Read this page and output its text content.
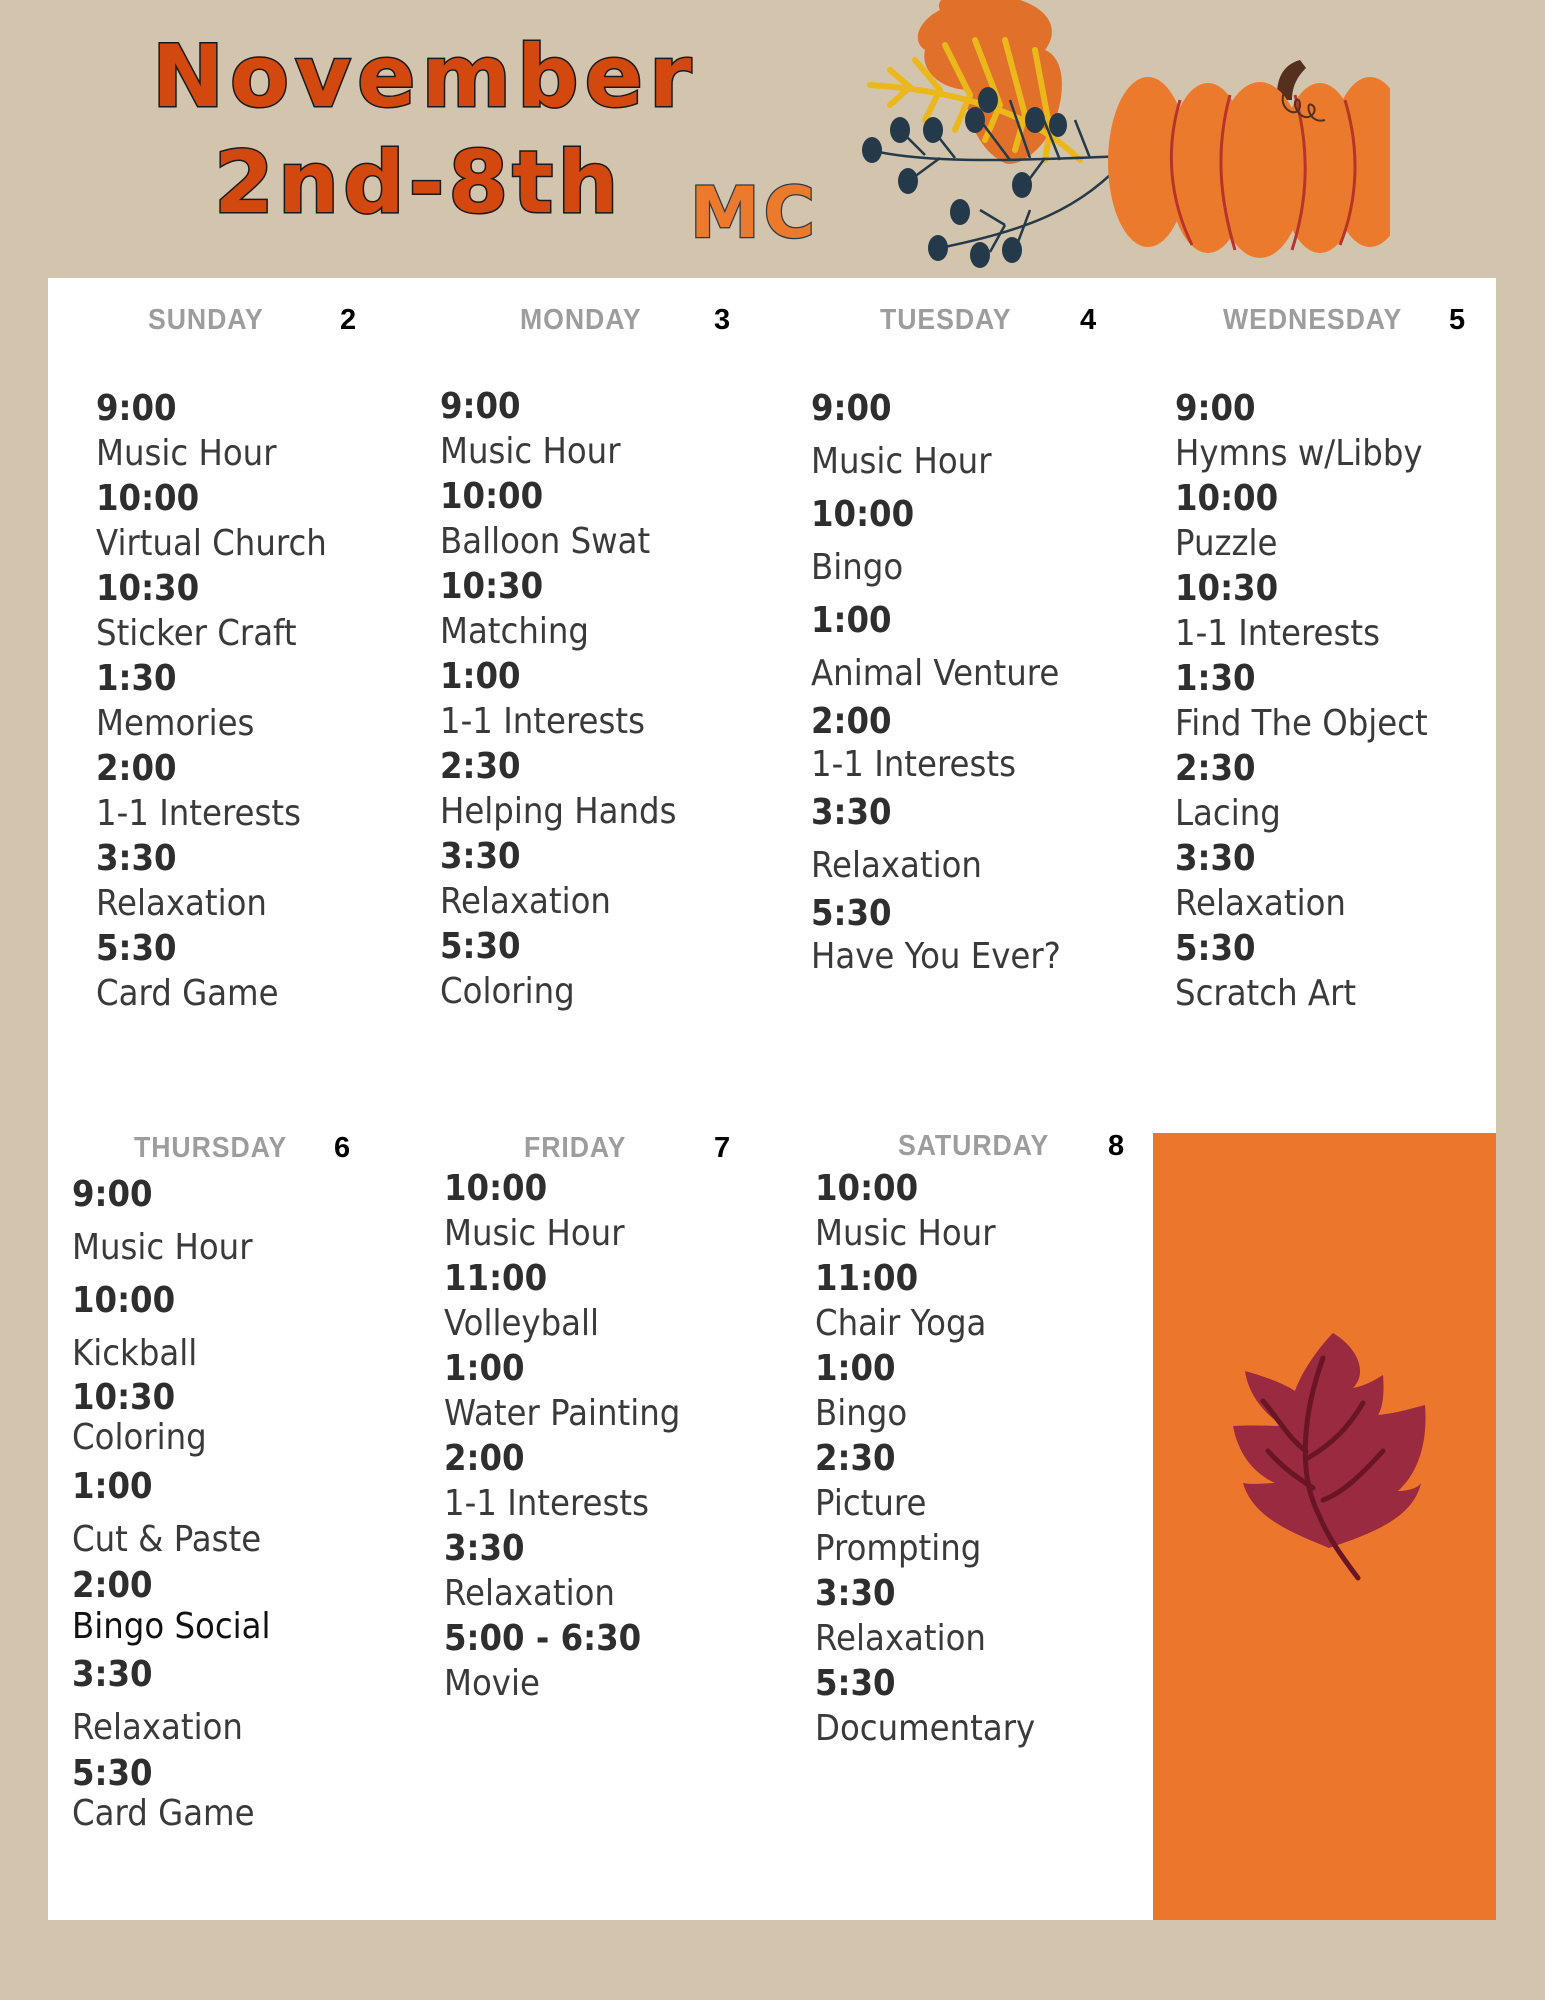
November
2nd-8th MC
SUNDAY	2
9:00
Music Hour
10:00
Virtual Church
10:30
Sticker Craft
1:30
Memories
2:00
1-1 Interests
3:30
Relaxation
5:30
Card Game
MONDAY 3
9:00
Music Hour
10:00
Balloon Swat
10:30
Matching
1:00
1-1 Interests
2:30
Helping Hands
3:30
Relaxation
5:30
Coloring
TUESDAY 4
9:00
Music Hour
10:00
Bingo
1:00
Animal Venture
2:00
1-1 Interests
3:30
Relaxation
5:30
Have You Ever?
WEDNESDAY 5
9:00
Hymns w/Libby
10:00
Puzzle
10:30
1-1 Interests
1:30
Find The Object
2:30
Lacing
3:30
Relaxation
5:30
Scratch Art
THURSDAY 6
9:00
Music Hour
10:00
Kickball
10:30
Coloring
1:00
Cut & Paste
2:00
Bingo Social
3:30
Relaxation
5:30
Card Game
FRIDAY	7
10:00
Music Hour
11:00
Volleyball
1:00
Water Painting
2:00
1-1 Interests
3:30
Relaxation
5:00 - 6:30
Movie
SATURDAY 8
10:00
Music Hour
11:00
Chair Yoga
1:00
Bingo
2:30
Picture Prompting
3:30
Relaxation
5:30
Documentary
